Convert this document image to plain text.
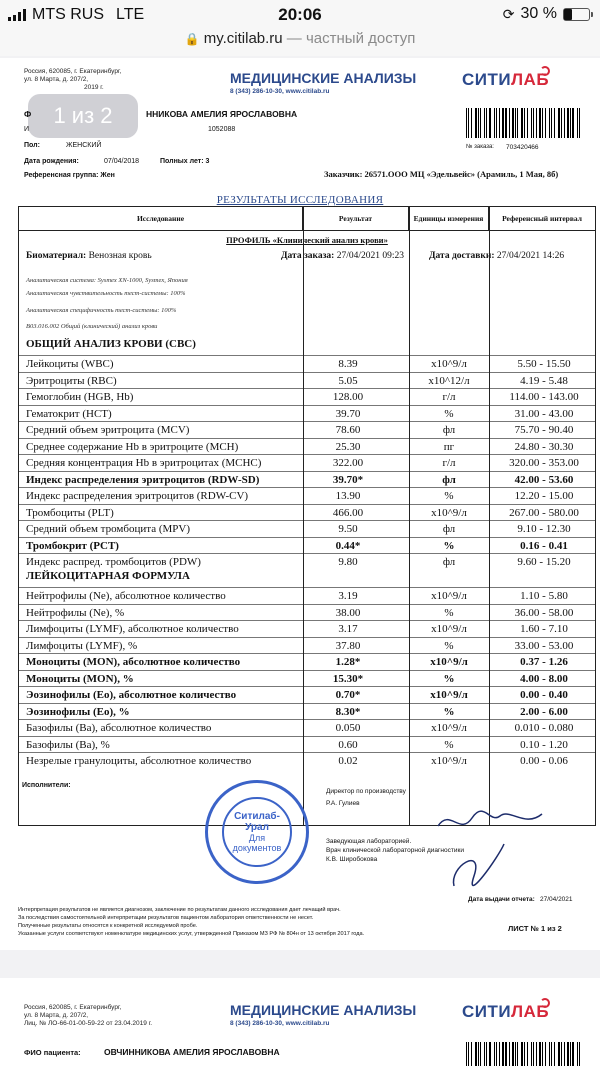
MTS RUS LTE	20:06	⟳ 30 %
🔒 my.citilab.ru — частный доступ
Россия, 620085, г. Екатеринбург,
ул. 8 Марта, д. 207/2,
2019 г.
МЕДИЦИНСКИЕ АНАЛИЗЫ
8 (343) 286-10-30, www.citilab.ru
СИТИЛАБ
1 из 2
Ф	ННИКОВА АМЕЛИЯ ЯРОСЛАВОВНА
И	1052088
Пол:	ЖЕНСКИЙ
Дата рождения:	07/04/2018	Полных лет: 3
Референсная группа: Жен
№ заказа: 703420466
Заказчик: 26571.ООО МЦ «Эдельвейс» (Арамиль, 1 Мая, 8б)
РЕЗУЛЬТАТЫ ИССЛЕДОВАНИЯ
Исследование	Результат	Единицы измерения	Референсный интервал
ПРОФИЛЬ «Клинический анализ крови»
Биоматериал: Венозная кровь	Дата заказа: 27/04/2021 09:23	Дата доставки: 27/04/2021 14:26
Аналитическая система: Sysmex XN-1000, Sysmex, Япония
Аналитическая чувствительность тест-системы: 100%
Аналитическая специфичность тест-системы: 100%
B03.016.002 Общий (клинический) анализ крови
ОБЩИЙ АНАЛИЗ КРОВИ (CBC)
Лейкоциты (WBC)	8.39	x10^9/л	5.50 - 15.50
Эритроциты (RBC)	5.05	x10^12/л	4.19 - 5.48
Гемоглобин (HGB, Hb)	128.00	г/л	114.00 - 143.00
Гематокрит (HCT)	39.70	%	31.00 - 43.00
Средний объем эритроцита (MCV)	78.60	фл	75.70 - 90.40
Среднее содержание Hb в эритроците (MCH)	25.30	пг	24.80 - 30.30
Средняя концентрация Hb в эритроцитах (MCHC)	322.00	г/л	320.00 - 353.00
Индекс распределения эритроцитов (RDW-SD)	39.70*	фл	42.00 - 53.60
Индекс распределения эритроцитов (RDW-CV)	13.90	%	12.20 - 15.00
Тромбоциты (PLT)	466.00	x10^9/л	267.00 - 580.00
Средний объем тромбоцита (MPV)	9.50	фл	9.10 - 12.30
Тромбокрит (PCT)	0.44*	%	0.16 - 0.41
Индекс распред. тромбоцитов (PDW)	9.80	фл	9.60 - 15.20
ЛЕЙКОЦИТАРНАЯ ФОРМУЛА
Нейтрофилы (Ne), абсолютное количество	3.19	x10^9/л	1.10 - 5.80
Нейтрофилы (Ne), %	38.00	%	36.00 - 58.00
Лимфоциты (LYMF), абсолютное количество	3.17	x10^9/л	1.60 - 7.10
Лимфоциты (LYMF), %	37.80	%	33.00 - 53.00
Моноциты (MON), абсолютное количество	1.28*	x10^9/л	0.37 - 1.26
Моноциты (MON), %	15.30*	%	4.00 - 8.00
Эозинофилы (Eo), абсолютное количество	0.70*	x10^9/л	0.00 - 0.40
Эозинофилы (Eo), %	8.30*	%	2.00 - 6.00
Базофилы (Ba), абсолютное количество	0.050	x10^9/л	0.010 - 0.080
Базофилы (Ba), %	0.60	%	0.10 - 1.20
Незрелые гранулоциты, абсолютное количество	0.02	x10^9/л	0.00 - 0.06
Исполнители:
Директор по производству
Р.А. Гулиев
Заведующая лабораторией.
Врач клинической лабораторной диагностики
К.В. Широбокова
Ситилаб-Урал
Для
документов
Дата выдачи отчета: 27/04/2021
Интерпретация результатов не является диагнозом, заключение по результатам данного исследования дает лечащий врач.
За последствия самостоятельной интерпретации результатов пациентом лаборатория ответственности не несет.
Полученные результаты относятся к конкретной исследуемой пробе.
Указанные услуги соответствуют номенклатуре медицинских услуг, утвержденной Приказом МЗ РФ № 804н от 13 октября 2017 года.
ЛИСТ № 1 из 2
Россия, 620085, г. Екатеринбург,
ул. 8 Марта, д. 207/2,
Лиц. № ЛО-66-01-00-59-22 от 23.04.2019 г.
МЕДИЦИНСКИЕ АНАЛИЗЫ
8 (343) 286-10-30, www.citilab.ru
СИТИЛАБ
ФИО пациента:	ОВЧИННИКОВА АМЕЛИЯ ЯРОСЛАВОВНА
